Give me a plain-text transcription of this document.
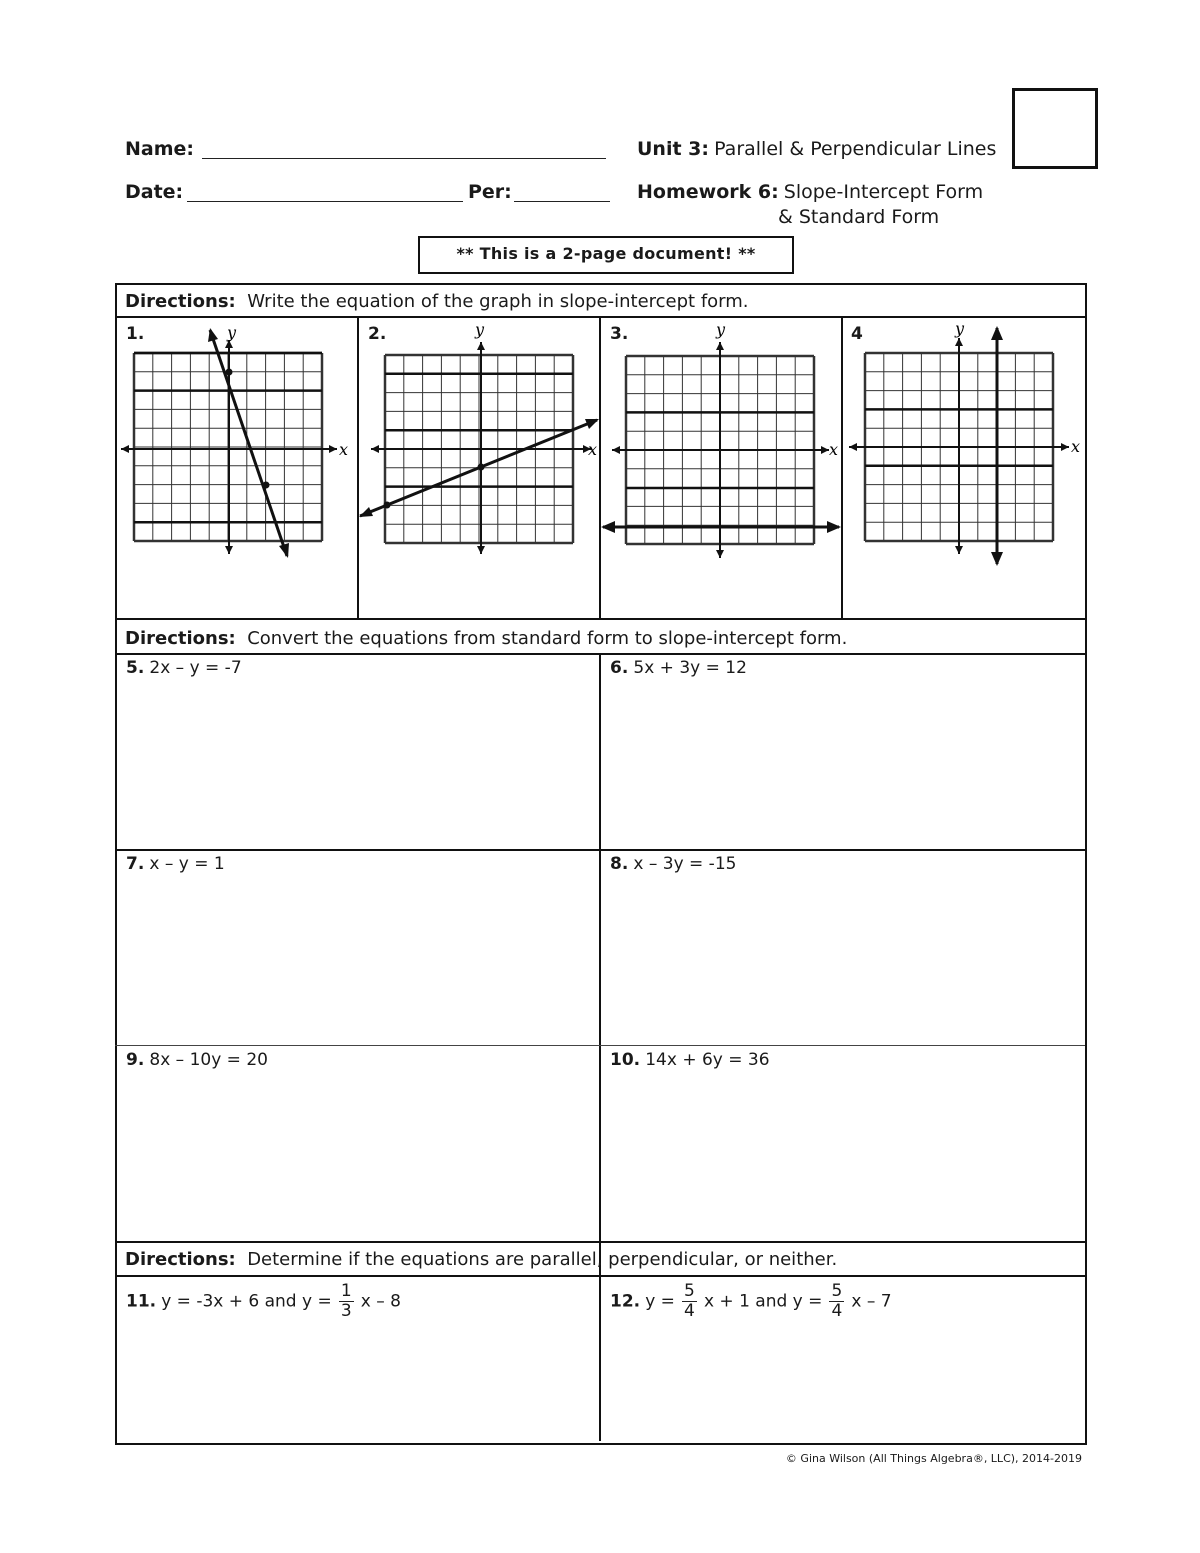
Name:
Date:	Per:
Unit 3: Parallel & Perpendicular Lines
Homework 6: Slope-Intercept Form
& Standard Form
** This is a 2-page document! **
Directions: Write the equation of the graph in slope-intercept form.
1.	2.	3.	4
x
y
x
y
x
y
x
y
Directions: Convert the equations from standard form to slope-intercept form.
5. 2x – y = -7	6. 5x + 3y = 12
7. x – y = 1	8. x – 3y = -15
9. 8x – 10y = 20	10. 14x + 6y = 36
Directions: Determine if the equations are parallel, perpendicular, or neither.
11. y = -3x + 6 and $y = \frac{1}{3}$ x – 8	12. $y = \frac{5}{4}$ x + 1 and $y = \frac{5}{4}$ x – 7
© Gina Wilson (All Things Algebra®, LLC), 2014-2019
